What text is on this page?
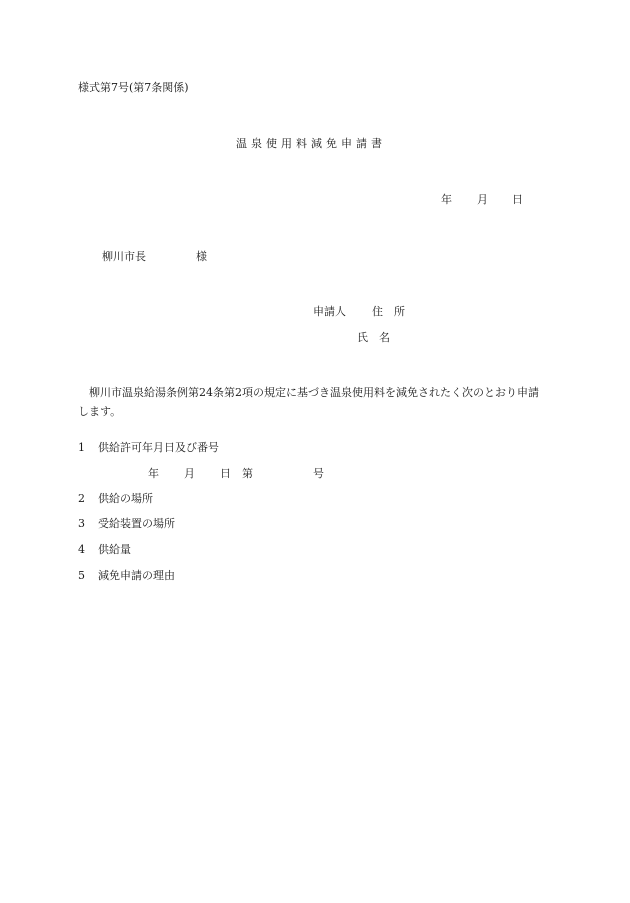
様式第7号(第7条関係)
温泉使用料減免申請書
年 月 日
柳川市長	様
申請人 住　所
氏　名
柳川市温泉給湯条例第24条第2項の規定に基づき温泉使用料を減免されたく次のとおり申請します。
1 供給許可年月日及び番号
年 月 日 第	号
2 供給の場所
3 受給装置の場所
4 供給量
5 減免申請の理由
